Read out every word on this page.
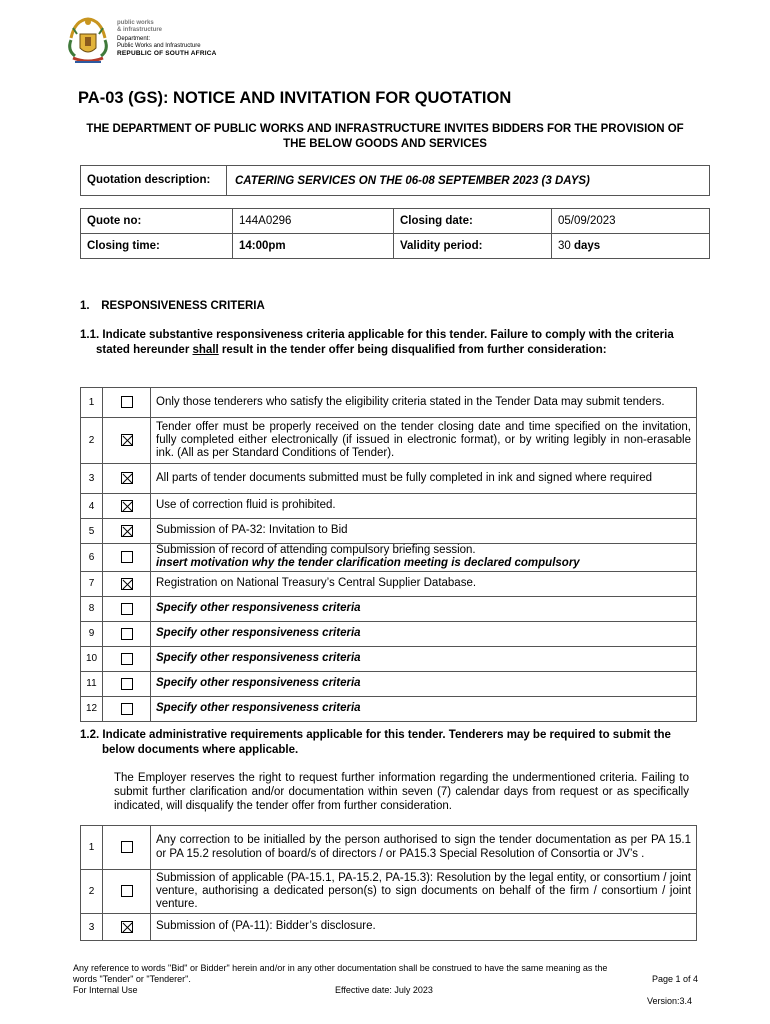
public works
& infrastructure
Department:
Public Works and Infrastructure
REPUBLIC OF SOUTH AFRICA
PA-03 (GS): NOTICE AND INVITATION FOR QUOTATION
THE DEPARTMENT OF PUBLIC WORKS AND INFRASTRUCTURE INVITES BIDDERS FOR THE PROVISION OF THE BELOW GOODS AND SERVICES
Quotation description:	CATERING SERVICES ON THE 06-08 SEPTEMBER 2023 (3 DAYS)
Quote no:	144A0296	Closing date:	05/09/2023
Closing time:	14:00pm	Validity period:	30 days
1. RESPONSIVENESS CRITERIA
1.1. Indicate substantive responsiveness criteria applicable for this tender. Failure to comply with the criteria stated hereunder shall result in the tender offer being disqualified from further consideration:
1		Only those tenderers who satisfy the eligibility criteria stated in the Tender Data may submit tenders.
2		Tender offer must be properly received on the tender closing date and time specified on the invitation, fully completed either electronically (if issued in electronic format), or by writing legibly in non-erasable ink. (All as per Standard Conditions of Tender).
3		All parts of tender documents submitted must be fully completed in ink and signed where required
4		Use of correction fluid is prohibited.
5		Submission of PA-32: Invitation to Bid
6		Submission of record of attending compulsory briefing session.
insert motivation why the tender clarification meeting is declared compulsory

7		Registration on National Treasury’s Central Supplier Database.
8		Specify other responsiveness criteria
9		Specify other responsiveness criteria
10		Specify other responsiveness criteria
11		Specify other responsiveness criteria
12		Specify other responsiveness criteria
1.2. Indicate administrative requirements applicable for this tender. Tenderers may be required to submit the below documents where applicable.
The Employer reserves the right to request further information regarding the undermentioned criteria. Failing to submit further clarification and/or documentation within seven (7) calendar days from request or as specifically indicated, will disqualify the tender offer from further consideration.
1		Any correction to be initialled by the person authorised to sign the tender documentation as per PA 15.1 or PA 15.2 resolution of board/s of directors / or PA15.3 Special Resolution of Consortia or JV’s .
2		Submission of applicable (PA-15.1, PA-15.2, PA-15.3): Resolution by the legal entity, or consortium / joint venture, authorising a dedicated person(s) to sign documents on behalf of the firm / consortium / joint venture.
3		Submission of (PA-11): Bidder’s disclosure.
Any reference to words "Bid" or Bidder" herein and/or in any other documentation shall be construed to have the same meaning as the
words "Tender" or "Tenderer".	Page 1 of 4
For Internal Use	Effective date: July 2023
Version:3.4
